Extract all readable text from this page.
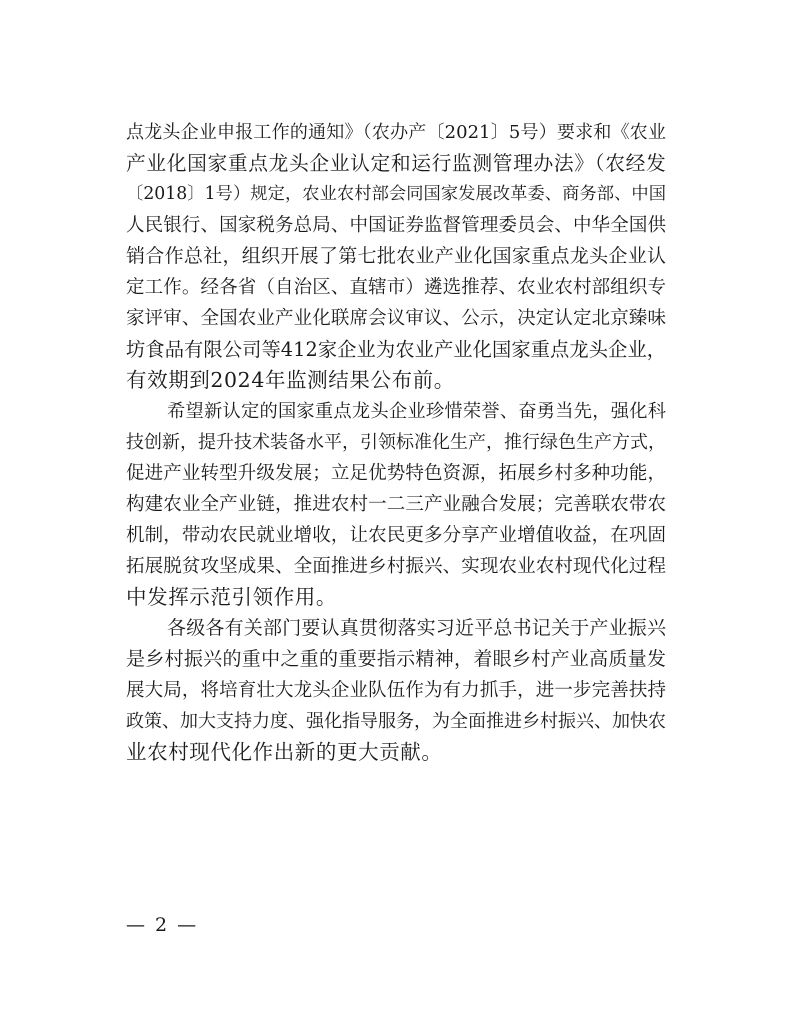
点龙头企业申报工作的通知》（农办产〔2021〕5号）要求和《农业
产业化国家重点龙头企业认定和运行监测管理办法》（农经发
〔2018〕1号）规定，农业农村部会同国家发展改革委、商务部、中国
人民银行、国家税务总局、中国证券监督管理委员会、中华全国供
销合作总社，组织开展了第七批农业产业化国家重点龙头企业认
定工作。经各省（自治区、直辖市）遴选推荐、农业农村部组织专
家评审、全国农业产业化联席会议审议、公示，决定认定北京臻味
坊食品有限公司等412家企业为农业产业化国家重点龙头企业，
有效期到2024年监测结果公布前。
希望新认定的国家重点龙头企业珍惜荣誉、奋勇当先，强化科
技创新，提升技术装备水平，引领标准化生产，推行绿色生产方式，
促进产业转型升级发展；立足优势特色资源，拓展乡村多种功能，
构建农业全产业链，推进农村一二三产业融合发展；完善联农带农
机制，带动农民就业增收，让农民更多分享产业增值收益，在巩固
拓展脱贫攻坚成果、全面推进乡村振兴、实现农业农村现代化过程
中发挥示范引领作用。
各级各有关部门要认真贯彻落实习近平总书记关于产业振兴
是乡村振兴的重中之重的重要指示精神，着眼乡村产业高质量发
展大局，将培育壮大龙头企业队伍作为有力抓手，进一步完善扶持
政策、加大支持力度、强化指导服务，为全面推进乡村振兴、加快农
业农村现代化作出新的更大贡献。
— 2 —
